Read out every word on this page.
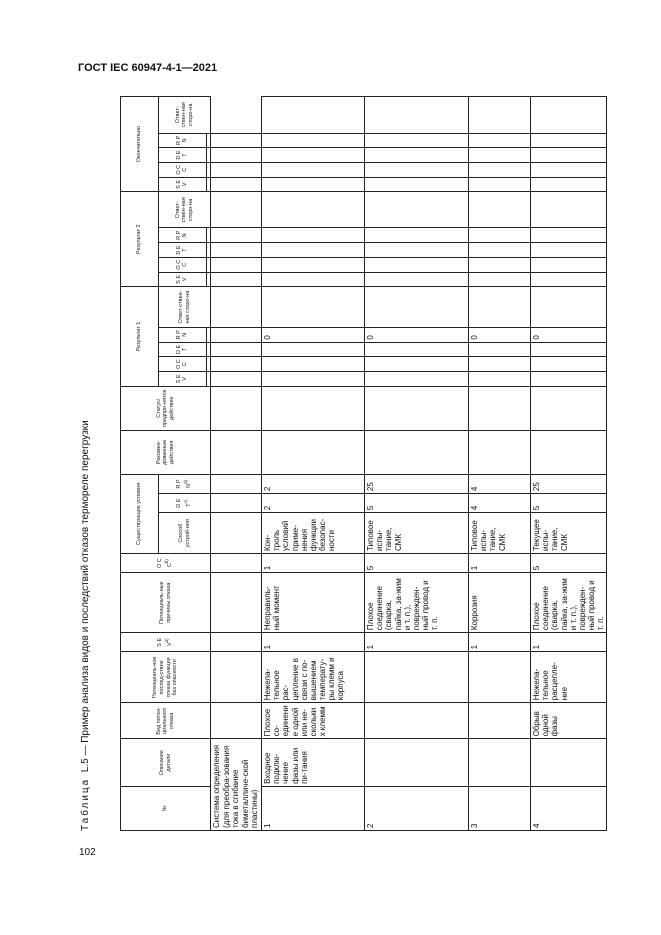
ГОСТ IEC 60947-4-1—2021
102
Таблица  L.5 — Пример анализа видов и последствий отказов термореле перегрузки
№	Описание детали	Вид потен-циального отказа	Потенциаль-ное послед-ствие отказа функции без опасности	S E $V^{a)}$	Потенциаль-ные причины отказа	O C $C^{b)}$	Существующие условия			Рекомен-дованные действия	Статус/ предпри-нятое действие	Результат 1					Результат 2					Окончательно				
							Способ устрой-ния	D E $T^{c)}$	R P $N^{d)}$			S E V	O C C	D E T	R P N	Ответ-ствен-ная сторо-на	S E V	O C C	D E T	R P N	Ответ-ствен-ная сторо-на	S E V	O C C	D E T	R P N	Ответ-ствен-ная сторо-на

Система определения (для преобра-зования тока в сгибание биметалличе-ской пластины)																										
1	Входное подклю-чение фазы или пи-тания	Плохое со-единение одной или не-скольких клемм	Нежела-тельное рас-цепление в связи с по-вышением температу-ры клемм и корпуса	1	Неправиль-ный момент	1	Кон-троль условий приме-нения функции безопас-ности	2	2						0											
2				1	Плохое соединение (сварка, пайка, за-жим и т. п.), поврежден-ный провод и т. п.	5	Типовое испы-тание, СМК	5	25						0											
3				1	Коррозия	1	Типовое испы-тание, СМК	4	4						0											
4		Обрыв одной фазы	Нежела-тельное расцепле-ние	1	Плохое соединение (сварка, пайка, за-жим и т. п.), поврежден-ный провод и т. п.	5	Текущее испы-тание, СМК	5	25						0											
